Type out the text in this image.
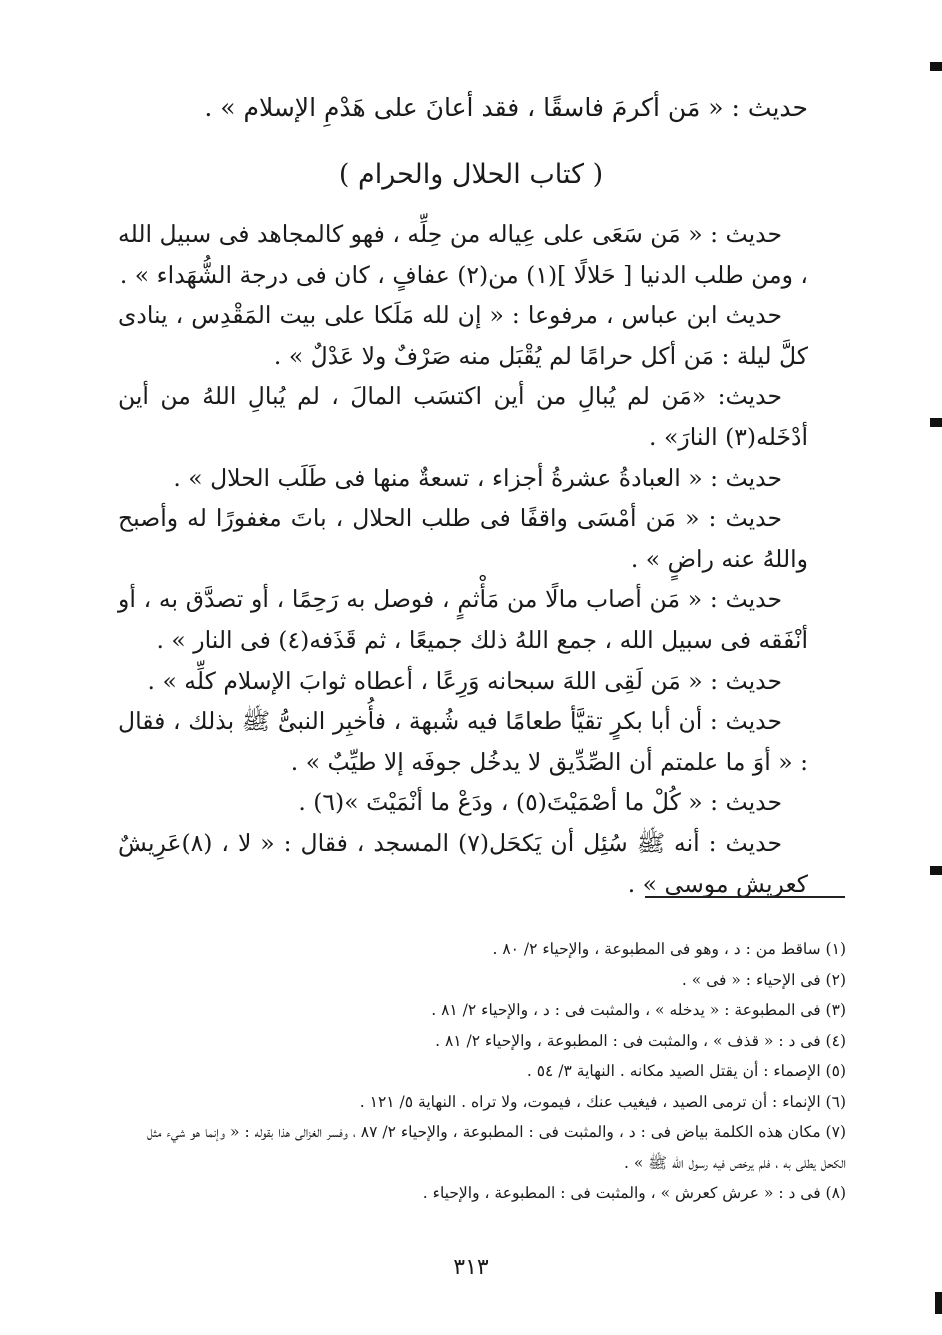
حديث : « مَن أكرمَ فاسقًا ، فقد أعانَ على هَدْمِ الإسلام » .
( كتاب الحلال والحرام )

حديث : « مَن سَعَى على عِياله من حِلِّه ، فهو كالمجاهد فى سبيل الله ، ومن طلب الدنيا [ حَلالًا ](١) من(٢) عفافٍ ، كان فى درجة الشُّهَداء » .

حديث ابن عباس ، مرفوعا : « إن لله مَلَكا على بيت المَقْدِس ، ينادى كلَّ ليلة : مَن أكل حرامًا لم يُقْبَل منه صَرْفٌ ولا عَدْلٌ » .

حديث: «مَن لم يُبالِ من أين اكتسَب المالَ ، لم يُبالِ اللهُ من أين أدْخَله(٣) النارَ» .

حديث : « العبادةُ عشرةُ أجزاء ، تسعةٌ منها فى طَلَب الحلال » .

حديث : « مَن أمْسَى واقفًا فى طلب الحلال ، باتَ مغفورًا له وأصبح واللهُ عنه راضٍ » .

حديث : « مَن أصاب مالًا من مَأْثمٍ ، فوصل به رَحِمًا ، أو تصدَّق به ، أو أنْفَقه فى سبيل الله ، جمع اللهُ ذلك جميعًا ، ثم قَذَفه(٤) فى النار » .

حديث : « مَن لَقِى اللهَ سبحانه وَرِعًا ، أعطاه ثوابَ الإسلام كلِّه » .

حديث : أن أبا بكرٍ تقيَّأ طعامًا فيه شُبهة ، فأُخبِر النبىُّ ﷺ بذلك ، فقال : « أوَ ما علمتم أن الصِّدِّيق لا يدخُل جوفَه إلا طيِّبٌ » .

حديث : « كُلْ ما أصْمَيْتَ(٥) ، ودَعْ ما أنْمَيْتَ »(٦) .

حديث : أنه ﷺ سُئِل أن يَكحَل(٧) المسجد ، فقال : « لا ، (٨)عَرِيشٌ كعريش موسى » .

(١) ساقط من : د ، وهو فى المطبوعة ، والإحياء ٢/ ٨٠ .

(٢) فى الإحياء : « فى » .

(٣) فى المطبوعة : « يدخله » ، والمثبت فى : د ، والإحياء ٢/ ٨١ .

(٤) فى د : « قذف » ، والمثبت فى : المطبوعة ، والإحياء ٢/ ٨١ .

(٥) الإصماء : أن يقتل الصيد مكانه . النهاية ٣/ ٥٤ .

(٦) الإنماء : أن ترمى الصيد ، فيغيب عنك ، فيموت، ولا تراه . النهاية ٥/ ١٢١ .

(٧) مكان هذه الكلمة بياض فى : د ، والمثبت فى : المطبوعة ، والإحياء ٢/ ٨٧ ، وفسر الغزالى هذا بقوله : « وإنما هو شيء مثل الكحل يطلى به ، فلم يرخص فيه رسول الله ﷺ » .

(٨) فى د : « عرش كعرش » ، والمثبت فى : المطبوعة ، والإحياء .

٣١٣
